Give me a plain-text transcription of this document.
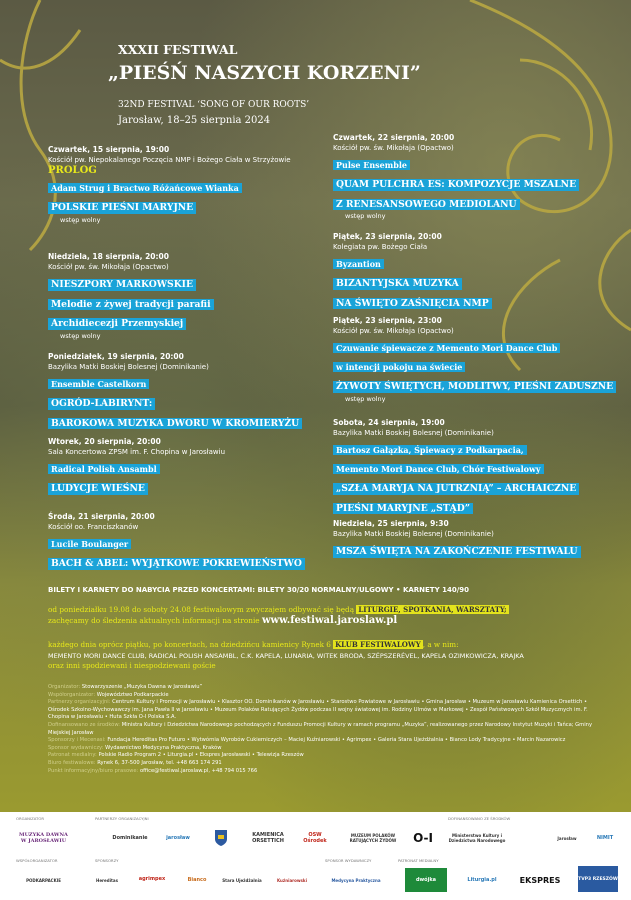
XXXII FESTIWAL
„PIEŚŃ NASZYCH KORZENI”
32ND FESTIVAL ‘SONG OF OUR ROOTS’
Jarosław, 18–25 sierpnia 2024
Czwartek, 15 sierpnia, 19:00
Kościół pw. Niepokalanego Poczęcia NMP i Bożego Ciała w Strzyżowie
PROLOG
Adam Strug i Bractwo Różańcowe Wianka
POLSKIE PIEŚNI MARYJNE
wstęp wolny
Niedziela, 18 sierpnia, 20:00
Kościół pw. św. Mikołaja (Opactwo)
NIESZPORY MARKOWSKIE
Melodie z żywej tradycji parafii
Archidiecezji Przemyskiej
wstęp wolny
Poniedziałek, 19 sierpnia, 20:00
Bazylika Matki Boskiej Bolesnej (Dominikanie)
Ensemble Castelkorn
OGRÓD-LABIRYNT:
BAROKOWA MUZYKA DWORU W KROMIERYŻU
Wtorek, 20 sierpnia, 20:00
Sala Koncertowa ZPSM im. F. Chopina w Jarosławiu
Radical Polish Ansambl
LUDYCJE WIEŚNE
Środa, 21 sierpnia, 20:00
Kościół oo. Franciszkanów
Lucile Boulanger
BACH & ABEL: WYJĄTKOWE POKREWIEŃSTWO
Czwartek, 22 sierpnia, 20:00
Kościół pw. św. Mikołaja (Opactwo)
Pulse Ensemble
QUAM PULCHRA ES: KOMPOZYCJE MSZALNE
Z RENESANSOWEGO MEDIOLANU
wstęp wolny
Piątek, 23 sierpnia, 20:00
Kolegiata pw. Bożego Ciała
Byzantion
BIZANTYJSKA MUZYKA
NA ŚWIĘTO ZAŚNIĘCIA NMP
Piątek, 23 sierpnia, 23:00
Kościół pw. św. Mikołaja (Opactwo)
Czuwanie śpiewacze z Memento Mori Dance Club
w intencji pokoju na świecie
ŻYWOTY ŚWIĘTYCH, MODLITWY, PIEŚNI ZADUSZNE
wstęp wolny
Sobota, 24 sierpnia, 19:00
Bazylika Matki Boskiej Bolesnej (Dominikanie)
Bartosz Gałązka, Śpiewacy z Podkarpacia,
Memento Mori Dance Club, Chór Festiwalowy
„SZŁA MARYJA NA JUTRZNIĄ” – ARCHAICZNE
PIEŚNI MARYJNE „STĄD”
Niedziela, 25 sierpnia, 9:30
Bazylika Matki Boskiej Bolesnej (Dominikanie)
MSZA ŚWIĘTA NA ZAKOŃCZENIE FESTIWALU
BILETY I KARNETY DO NABYCIA PRZED KONCERTAMI: BILETY 30/20 NORMALNY/ULGOWY • KARNETY 140/90
od poniedziałku 19.08 do soboty 24.08 festiwalowym zwyczajem odbywać się będą LITURGIE, SPOTKANIA, WARSZTATY;
zachęcamy do śledzenia aktualnych informacji na stronie www.festiwal.jaroslaw.pl
każdego dnia oprócz piątku, po koncertach, na dziedzińcu kamienicy Rynek 6 KLUB FESTIWALOWY , a w nim:
MEMENTO MORI DANCE CLUB, RADICAL POLISH ANSAMBL, C.K. KAPELA, LUNARIA, WITEK BRODA, SZÉPSZERÉVEL, KAPELA OZIMKOWICZA, KRAJKA
oraz inni spodziewani i niespodziewani goście
Organizator: Stowarzyszenie „Muzyka Dawna w Jarosławiu”
Współorganizator: Województwo Podkarpackie
Partnerzy organizacyjni: Centrum Kultury i Promocji w Jarosławiu • Klasztor OO. Dominikanów w Jarosławiu • Starostwo Powiatowe w Jarosławiu • Gmina Jarosław • Muzeum w Jarosławiu Kamienica Orsettich • Ośrodek Szkolno-Wychowawczy im. Jana Pawła II w Jarosławiu • Muzeum Polaków Ratujących Żydów podczas II wojny światowej im. Rodziny Ulmów w Markowej • Zespół Państwowych Szkół Muzycznych im. F. Chopina w Jarosławiu • Huta Szkła O-I Polska S.A.
Dofinansowano ze środków: Ministra Kultury i Dziedzictwa Narodowego pochodzących z Funduszu Promocji Kultury w ramach programu „Muzyka”, realizowanego przez Narodowy Instytut Muzyki i Tańca; Gminy Miejskiej Jarosław
Sponsorzy i Mecenasi: Fundacja Hereditas Pro Futuro • Wytwórnia Wyrobów Cukierniczych – Maciej Kuźniarowski • Agrimpex • Galeria Stara Ujeżdżalnia • Bianco Lody Tradycyjne • Marcin Nazarowicz
Sponsor wydawniczy: Wydawnictwo Medycyna Praktyczna, Kraków
Patronat medialny: Polskie Radio Program 2 • Liturgia.pl • Ekspres Jarosławski • Telewizja Rzeszów
Biuro festiwalowe: Rynek 6, 37-500 Jarosław, tel. +48 663 174 291
Punkt informacyjny/biuro prasowe: office@festiwal.jaroslaw.pl, +48 794 015 766
ORGANIZATOR	PARTNERZY ORGANIZACYJNI	DOFINANSOWANO ZE ŚRODKÓW
WSPÓŁORGANIZATOR	SPONSORZY	SPONSOR WYDAWNICZY	PATRONAT MEDIALNY
MUZYKA DAWNA W JAROSŁAWIU	Dominikanie	jarosław	KAMIENICA ORSETTICH
OSW Ośrodek
MUZEUM POLAKÓW RATUJĄCYCH ŻYDÓW	O-I	Ministerstwo Kultury i Dziedzictwa Narodowego	Jarosław	NIMIT
PODKARPACKIE	Hereditas	agrimpex	Bianco	Stara Ujeżdżalnia	Kuźniarowski	Medycyna Praktyczna	dwójka	Liturgia.pl	EKSPRES	TVP3 RZESZÓW
